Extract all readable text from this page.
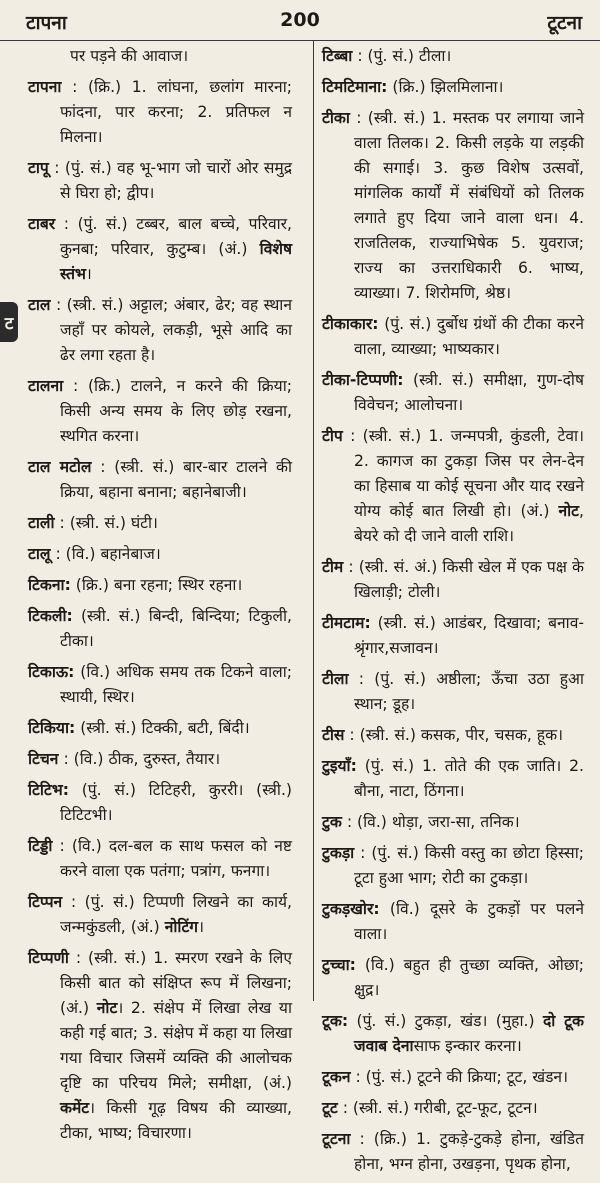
टापना	200	टूटना
ट
पर पड़ने की आवाज।
टापना : (क्रि.) 1. लांघना, छलांग मारना; फांदना, पार करना; 2. प्रतिफल न मिलना।
टापू : (पुं. सं.) वह भू-भाग जो चारों ओर समुद्र से घिरा हो; द्वीप।
टाबर : (पुं. सं.) टब्बर, बाल बच्चे, परिवार, कुनबा; परिवार, कुटुम्ब। (अं.) विशेष स्तंभ।
टाल : (स्त्री. सं.) अट्टाल; अंबार, ढेर; वह स्थान जहाँ पर कोयले, लकड़ी, भूसे आदि का ढेर लगा रहता है।
टालना : (क्रि.) टालने, न करने की क्रिया; किसी अन्य समय के लिए छोड़ रखना, स्थगित करना।
टाल मटोल : (स्त्री. सं.) बार-बार टालने की क्रिया, बहाना बनाना; बहानेबाजी।
टाली : (स्त्री. सं.) घंटी।
टालू : (वि.) बहानेबाज।
टिकना: (क्रि.) बना रहना; स्थिर रहना।
टिकली: (स्त्री. सं.) बिन्दी, बिन्दिया; टिकुली, टीका।
टिकाऊ: (वि.) अधिक समय तक टिकने वाला; स्थायी, स्थिर।
टिकिया: (स्त्री. सं.) टिक्की, बटी, बिंदी।
टिचन : (वि.) ठीक, दुरुस्त, तैयार।
टिटिभ: (पुं. सं.) टिटिहरी, कुररी। (स्त्री.) टिटिटभी।
टिड्डी : (वि.) दल-बल क साथ फसल को नष्ट करने वाला एक पतंगा; पत्रांग, फनगा।
टिप्पन : (पुं. सं.) टिप्पणी लिखने का कार्य, जन्मकुंडली, (अं.) नोटिंग।
टिप्पणी : (स्त्री. सं.) 1. स्मरण रखने के लिए किसी बात को संक्षिप्त रूप में लिखना; (अं.) नोट। 2. संक्षेप में लिखा लेख या कही गई बात; 3. संक्षेप में कहा या लिखा गया विचार जिसमें व्यक्ति की आलोचक दृष्टि का परिचय मिले; समीक्षा, (अं.) कमेंट। किसी गूढ़ विषय की व्याख्या, टीका, भाष्य; विचारणा।
टिब्बा : (पुं. सं.) टीला।
टिमटिमाना: (क्रि.) झिलमिलाना।
टीका : (स्त्री. सं.) 1. मस्तक पर लगाया जाने वाला तिलक। 2. किसी लड़के या लड़की की सगाई। 3. कुछ विशेष उत्सवों, मांगलिक कार्यों में संबंधियों को तिलक लगाते हुए दिया जाने वाला धन। 4. राजतिलक, राज्याभिषेक 5. युवराज; राज्य का उत्तराधिकारी 6. भाष्य, व्याख्या। 7. शिरोमणि, श्रेष्ठ।
टीकाकार: (पुं. सं.) दुर्बोध ग्रंथों की टीका करने वाला, व्याख्या; भाष्यकार।
टीका-टिप्पणी: (स्त्री. सं.) समीक्षा, गुण-दोष विवेचन; आलोचना।
टीप : (स्त्री. सं.) 1. जन्मपत्री, कुंडली, टेवा। 2. कागज का टुकड़ा जिस पर लेन-देन का हिसाब या कोई सूचना और याद रखने योग्य कोई बात लिखी हो। (अं.) नोट, बेयरे को दी जाने वाली राशि।
टीम : (स्त्री. सं. अं.) किसी खेल में एक पक्ष के खिलाड़ी; टोली।
टीमटाम: (स्त्री. सं.) आडंबर, दिखावा; बनाव-श्रृंगार,सजावन।
टीला : (पुं. सं.) अष्ठीला; ऊँचा उठा हुआ स्थान; डूह।
टीस : (स्त्री. सं.) कसक, पीर, चसक, हूक।
टुइयाँ: (पुं. सं.) 1. तोते की एक जाति। 2. बौना, नाटा, ठिंगना।
टुक : (वि.) थोड़ा, जरा-सा, तनिक।
टुकड़ा : (पुं. सं.) किसी वस्तु का छोटा हिस्सा; टूटा हुआ भाग; रोटी का टुकड़ा।
टुकड़खोर: (वि.) दूसरे के टुकड़ों पर पलने वाला।
टुच्चा: (वि.) बहुत ही तुच्छा व्यक्ति, ओछा; क्षुद्र।
टूक: (पुं. सं.) टुकड़ा, खंड। (मुहा.) दो टूक जवाब देनासाफ इन्कार करना।
टूकन : (पुं. सं.) टूटने की क्रिया; टूट, खंडन।
टूट : (स्त्री. सं.) गरीबी, टूट-फूट, टूटन।
टूटना : (क्रि.) 1. टुकड़े-टुकड़े होना, खंडित होना, भग्न होना, उखड़ना, पृथक होना,
